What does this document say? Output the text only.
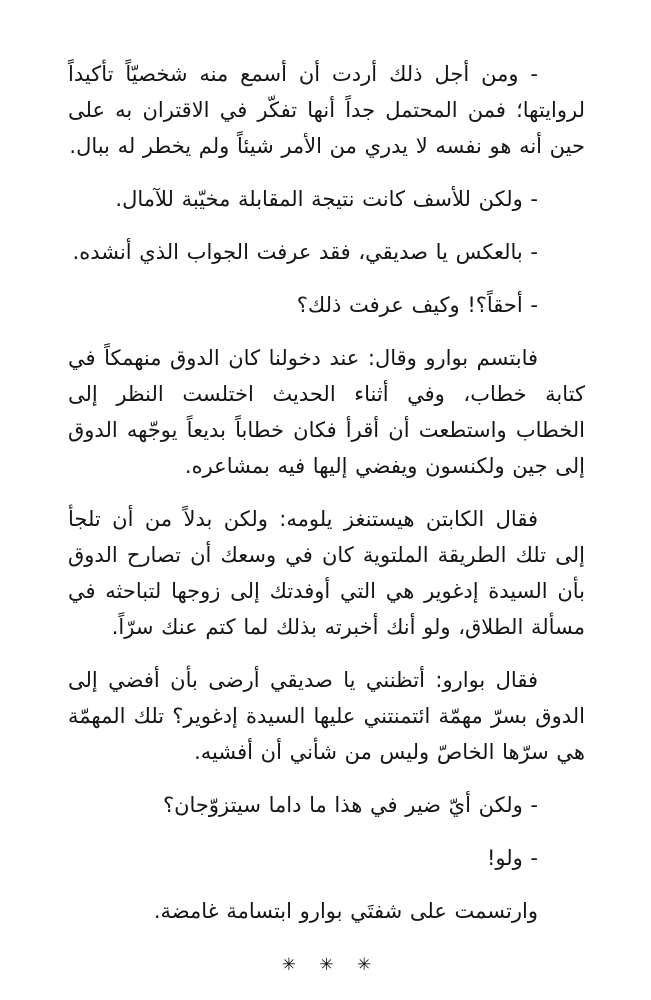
- ومن أجل ذلك أردت أن أسمع منه شخصيّاً تأكيداً لروايتها؛ فمن المحتمل جداً أنها تفكّر في الاقتران به على حين أنه هو نفسه لا يدري من الأمر شيئاً ولم يخطر له ببال.

- ولكن للأسف كانت نتيجة المقابلة مخيّبة للآمال.

- بالعكس يا صديقي، فقد عرفت الجواب الذي أنشده.

- أحقاً؟! وكيف عرفت ذلك؟

فابتسم بوارو وقال: عند دخولنا كان الدوق منهمكاً في كتابة خطاب، وفي أثناء الحديث اختلست النظر إلى الخطاب واستطعت أن أقرأ فكان خطاباً بديعاً يوجّهه الدوق إلى جين ولكنسون ويفضي إليها فيه بمشاعره.

فقال الكابتن هيستنغز يلومه: ولكن بدلاً من أن تلجأ إلى تلك الطريقة الملتوية كان في وسعك أن تصارح الدوق بأن السيدة إدغوير هي التي أوفدتك إلى زوجها لتباحثه في مسألة الطلاق، ولو أنك أخبرته بذلك لما كتم عنك سرّاً.

فقال بوارو: أتظنني يا صديقي أرضى بأن أفضي إلى الدوق بسرّ مهمّة ائتمنتني عليها السيدة إدغوير؟ تلك المهمّة هي سرّها الخاصّ وليس من شأني أن أفشيه.

- ولكن أيّ ضير في هذا ما داما سيتزوّجان؟

- ولو!

وارتسمت على شفتَي بوارو ابتسامة غامضة.

✳ ✳ ✳
